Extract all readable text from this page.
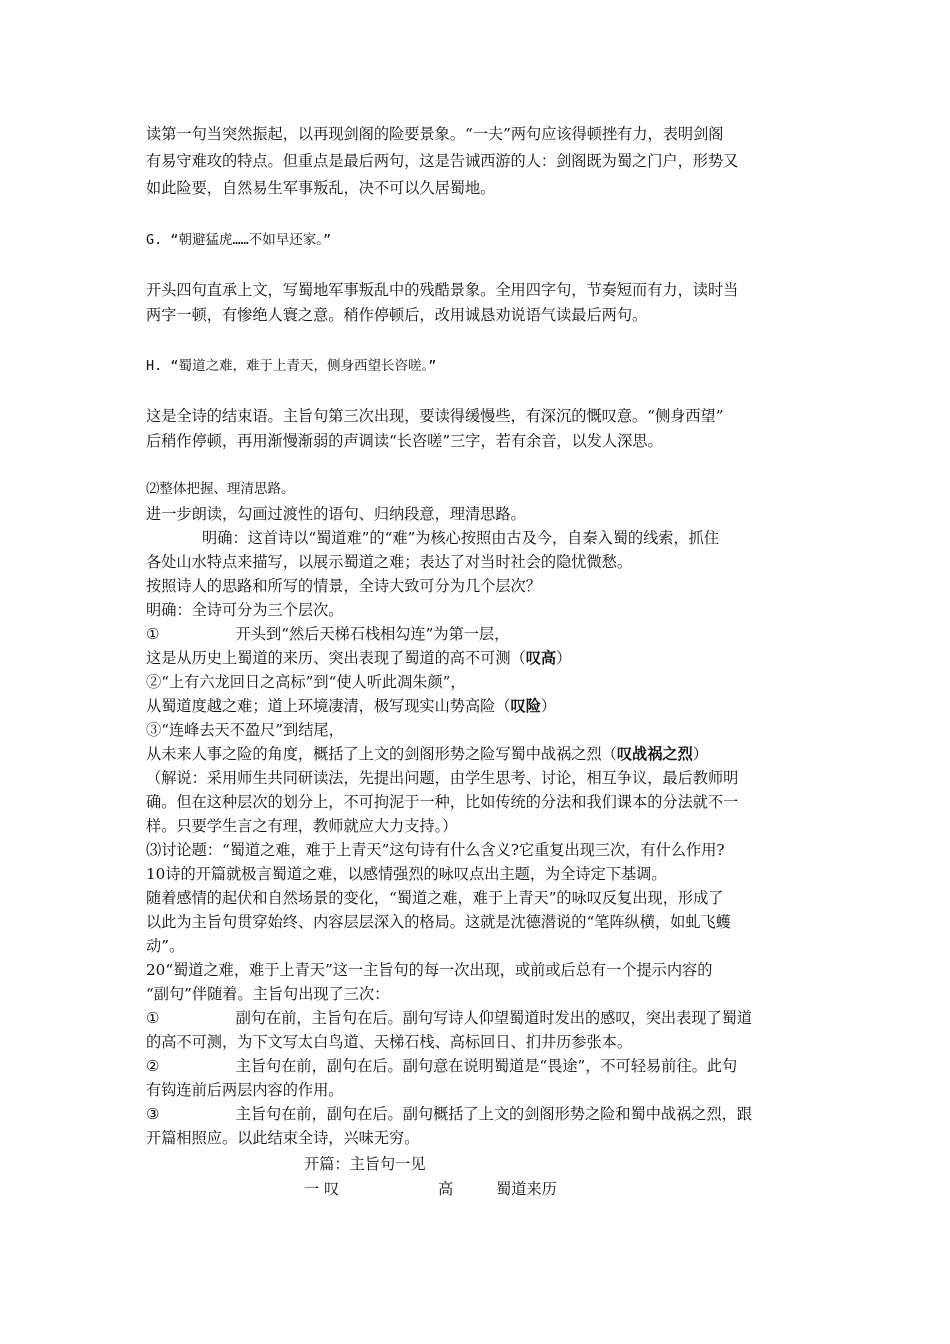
读第一句当突然振起，以再现剑阁的险要景象。“一夫”两句应该得顿挫有力，表明剑阁
有易守难攻的特点。但重点是最后两句，这是告诫西游的人：剑阁既为蜀之门户，形势又
如此险要，自然易生军事叛乱，决不可以久居蜀地。
G. “朝避猛虎……不如早还家。”
开头四句直承上文，写蜀地军事叛乱中的残酷景象。全用四字句，节奏短而有力，读时当
两字一顿，有惨绝人寰之意。稍作停顿后，改用诚恳劝说语气读最后两句。
H. “蜀道之难，难于上青天，侧身西望长咨嗟。”
这是全诗的结束语。主旨句第三次出现，要读得缓慢些，有深沉的慨叹意。“侧身西望”
后稍作停顿，再用渐慢渐弱的声调读“长咨嗟”三字，若有余音，以发人深思。
⑵整体把握、理清思路。
进一步朗读，勾画过渡性的语句、归纳段意，理清思路。
明确：这首诗以“蜀道难”的“难”为核心按照由古及今，自秦入蜀的线索，抓住
各处山水特点来描写，以展示蜀道之难；表达了对当时社会的隐忧微愁。
按照诗人的思路和所写的情景，全诗大致可分为几个层次？
明确：全诗可分为三个层次。
①	开头到“然后天梯石栈相勾连”为第一层，
这是从历史上蜀道的来历、突出表现了蜀道的高不可测（叹高）
②“上有六龙回日之高标”到“使人听此凋朱颜”，
从蜀道度越之难；道上环境凄清，极写现实山势高险（叹险）
③“连峰去天不盈尺”到结尾，
从未来人事之险的角度，概括了上文的剑阁形势之险写蜀中战祸之烈（叹战祸之烈）
（解说：采用师生共同研读法，先提出问题，由学生思考、讨论，相互争议，最后教师明
确。但在这种层次的划分上，不可拘泥于一种，比如传统的分法和我们课本的分法就不一
样。只要学生言之有理，教师就应大力支持。）
⑶讨论题：“蜀道之难，难于上青天”这句诗有什么含义?它重复出现三次，有什么作用?
10诗的开篇就极言蜀道之难，以感情强烈的咏叹点出主题，为全诗定下基调。
随着感情的起伏和自然场景的变化，“蜀道之难，难于上青天”的咏叹反复出现，形成了
以此为主旨句贯穿始终、内容层层深入的格局。这就是沈德潜说的“笔阵纵横，如虬飞蠖
动”。
20“蜀道之难，难于上青天”这一主旨句的每一次出现，或前或后总有一个提示内容的
“副句”伴随着。主旨句出现了三次：
①	副句在前，主旨句在后。副句写诗人仰望蜀道时发出的感叹，突出表现了蜀道
的高不可测，为下文写太白鸟道、天梯石栈、高标回日、扪井历参张本。
②	主旨句在前，副句在后。副句意在说明蜀道是“畏途”，不可轻易前往。此句
有钩连前后两层内容的作用。
③	主旨句在前，副句在后。副句概括了上文的剑阁形势之险和蜀中战祸之烈，跟
开篇相照应。以此结束全诗，兴味无穷。
开篇：主旨句一见
一 叹	高	蜀道来历
